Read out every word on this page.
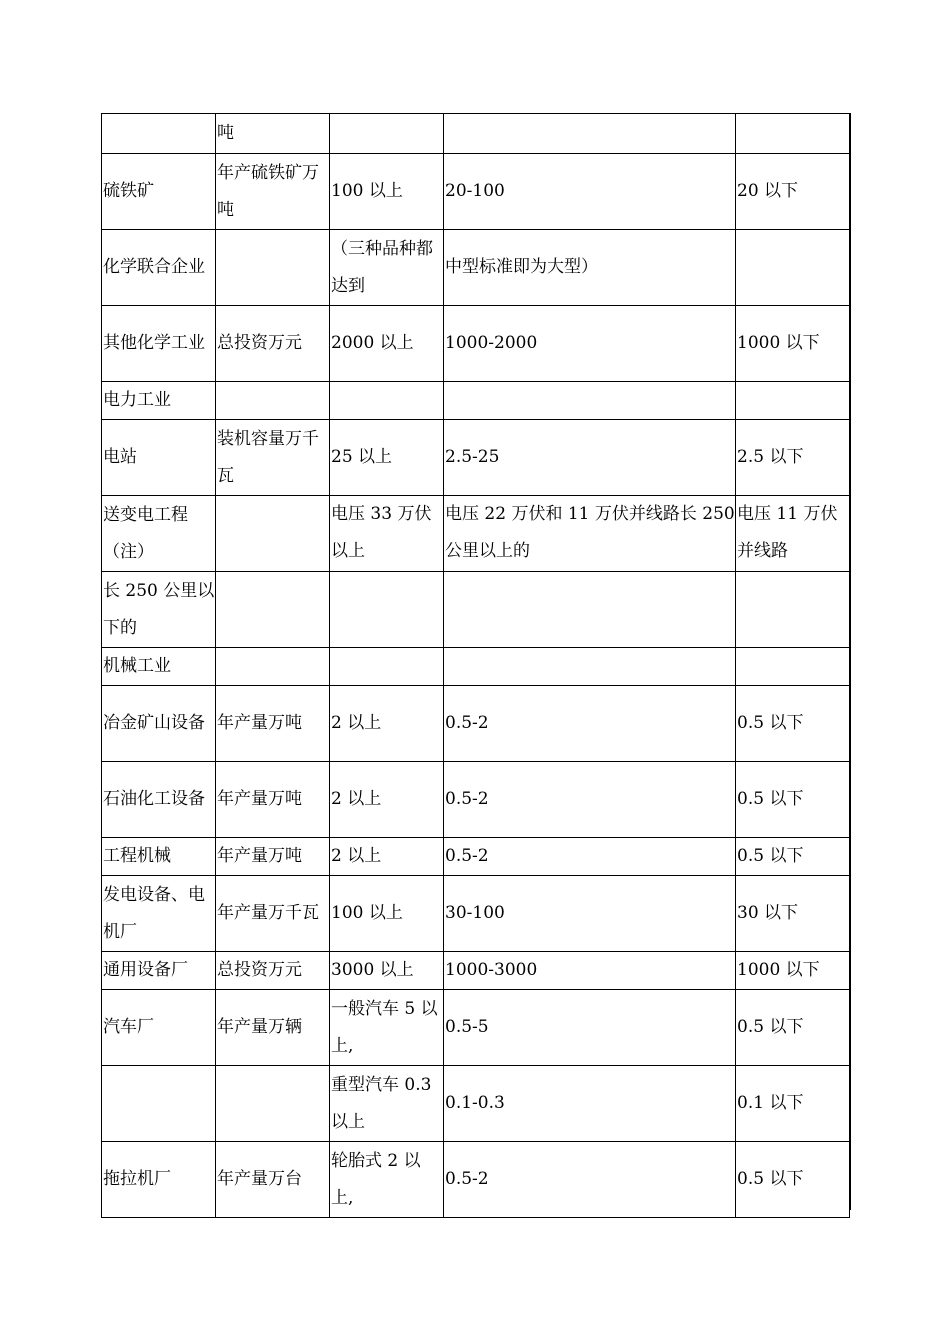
	吨			
硫铁矿	年产硫铁矿万吨	100 以上	20-100	20 以下
化学联合企业		（三种品种都达到	中型标准即为大型）	
其他化学工业	总投资万元	2000 以上	1000-2000	1000 以下
电力工业				
电站	装机容量万千瓦	25 以上	2.5-25	2.5 以下
送变电工程（注）		电压 33 万伏以上	电压 22 万伏和 11 万伏并线路长 250 公里以上的	电压 11 万伏并线路
长 250 公里以下的				
机械工业				
冶金矿山设备	年产量万吨	2 以上	0.5-2	0.5 以下
石油化工设备	年产量万吨	2 以上	0.5-2	0.5 以下
工程机械	年产量万吨	2 以上	0.5-2	0.5 以下
发电设备、电机厂	年产量万千瓦	100 以上	30-100	30 以下
通用设备厂	总投资万元	3000 以上	1000-3000	1000 以下
汽车厂	年产量万辆	一般汽车 5 以上,	0.5-5	0.5 以下
		重型汽车 0.3 以上	0.1-0.3	0.1 以下
拖拉机厂	年产量万台	轮胎式 2 以上,	0.5-2	0.5 以下
